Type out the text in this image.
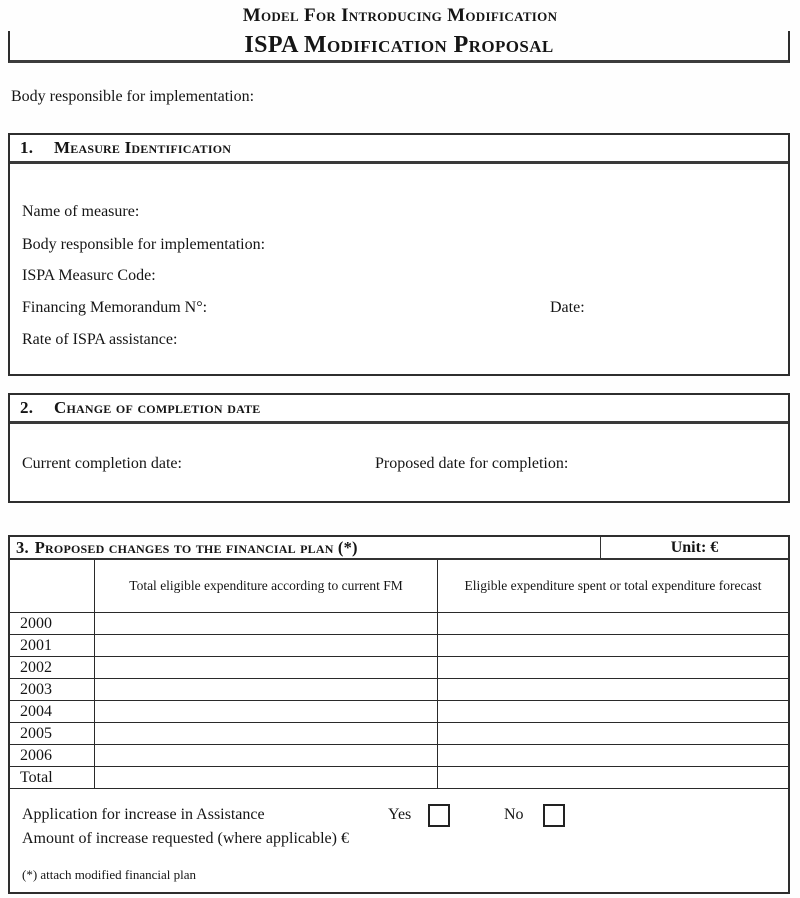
Model For Introducing Modification
ISPA Modification Proposal
Body responsible for implementation:
1.	Measure Identification
Name of measure:
Body responsible for implementation:
ISPA Measurc Code:
Financing Memorandum N°:	Date:
Rate of ISPA assistance:
2.	Change of completion date
Current completion date:	Proposed date for completion:
3. Proposed changes to the financial plan (*)	Unit: €
Total eligible expenditure according to current FM	Eligible expenditure spent or total expenditure forecast
2000
2001
2002
2003
2004
2005
2006
Total
Application for increase in Assistance	Yes	No
Amount of increase requested (where applicable) €
(*) attach modified financial plan
